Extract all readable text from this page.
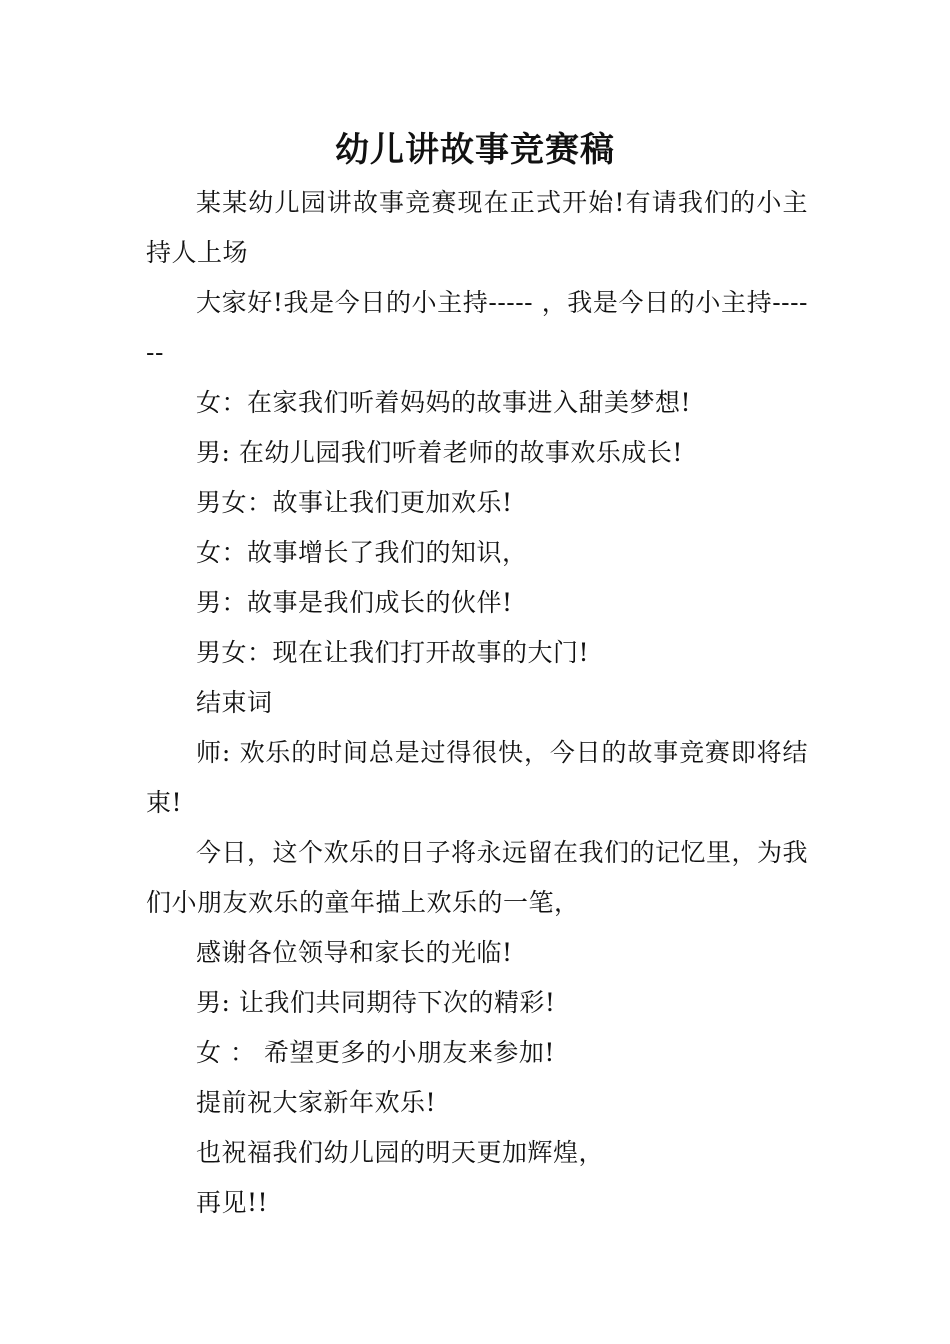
幼儿讲故事竞赛稿

某某幼儿园讲故事竞赛现在正式开始!有请我们的小主持人上场

大家好!我是今日的小主持----- ，我是今日的小主持------

女：在家我们听着妈妈的故事进入甜美梦想!

男: 在幼儿园我们听着老师的故事欢乐成长!

男女：故事让我们更加欢乐!

女：故事增长了我们的知识，

男：故事是我们成长的伙伴!

男女：现在让我们打开故事的大门!

结束词

师: 欢乐的时间总是过得很快，今日的故事竞赛即将结束!

今日，这个欢乐的日子将永远留在我们的记忆里，为我们小朋友欢乐的童年描上欢乐的一笔，

感谢各位领导和家长的光临!

男: 让我们共同期待下次的精彩!

女 ： 希望更多的小朋友来参加!

提前祝大家新年欢乐!

也祝福我们幼儿园的明天更加辉煌，

再见!!
